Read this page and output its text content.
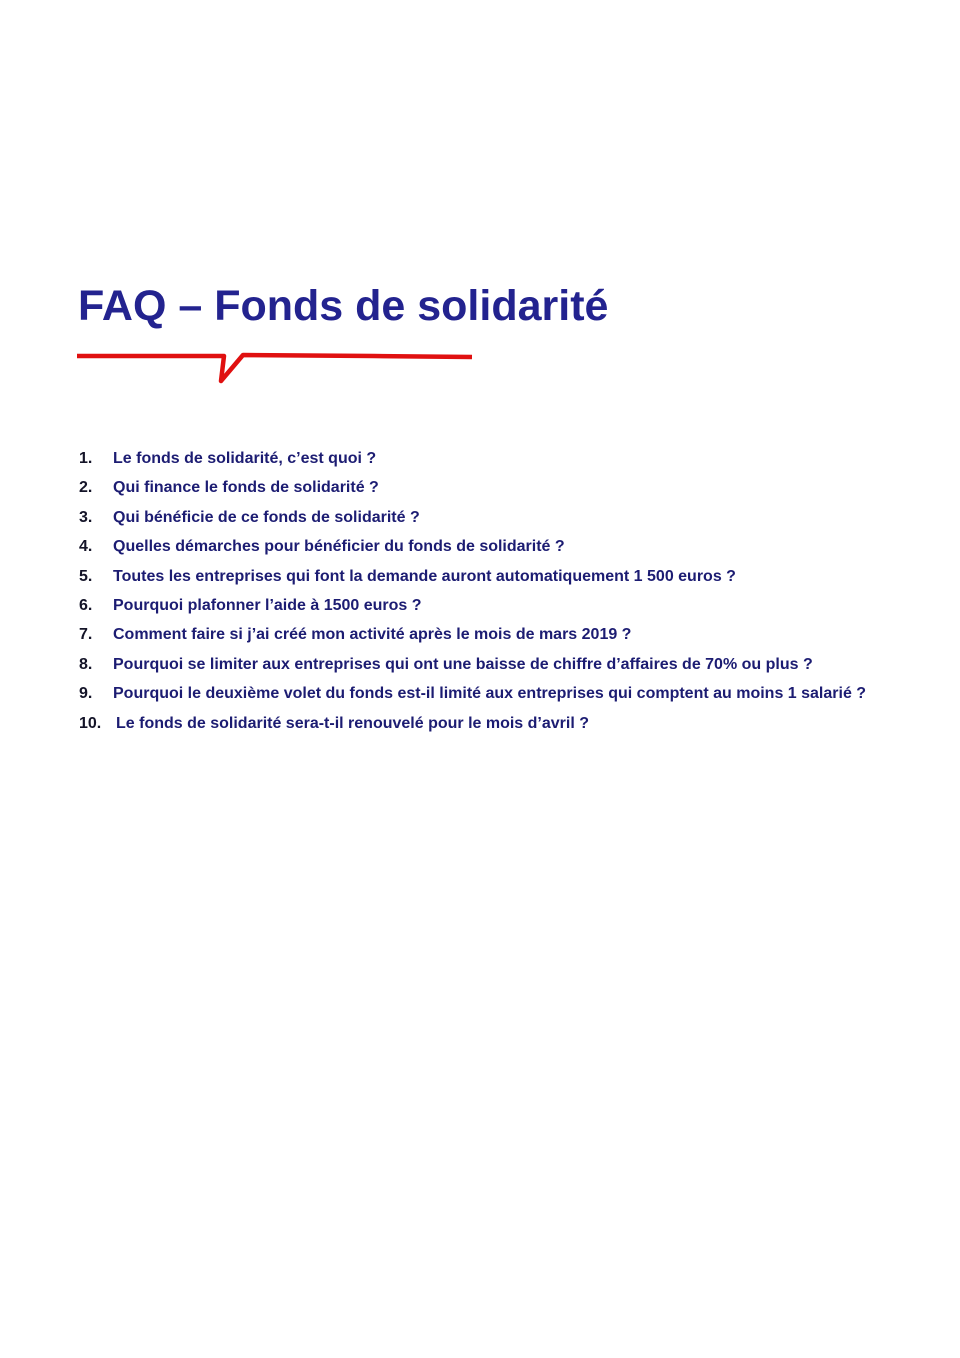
FAQ – Fonds de solidarité
1. Le fonds de solidarité, c’est quoi ?
2. Qui finance le fonds de solidarité ?
3. Qui bénéficie de ce fonds de solidarité ?
4. Quelles démarches pour bénéficier du fonds de solidarité ?
5. Toutes les entreprises qui font la demande auront automatiquement 1 500 euros ?
6. Pourquoi plafonner l’aide à 1500 euros ?
7. Comment faire si j’ai créé mon activité après le mois de mars 2019 ?
8. Pourquoi se limiter aux entreprises qui ont une baisse de chiffre d’affaires de 70% ou plus ?
9. Pourquoi le deuxième volet du fonds est-il limité aux entreprises qui comptent au moins 1 salarié ?
10. Le fonds de solidarité sera-t-il renouvelé pour le mois d’avril ?
